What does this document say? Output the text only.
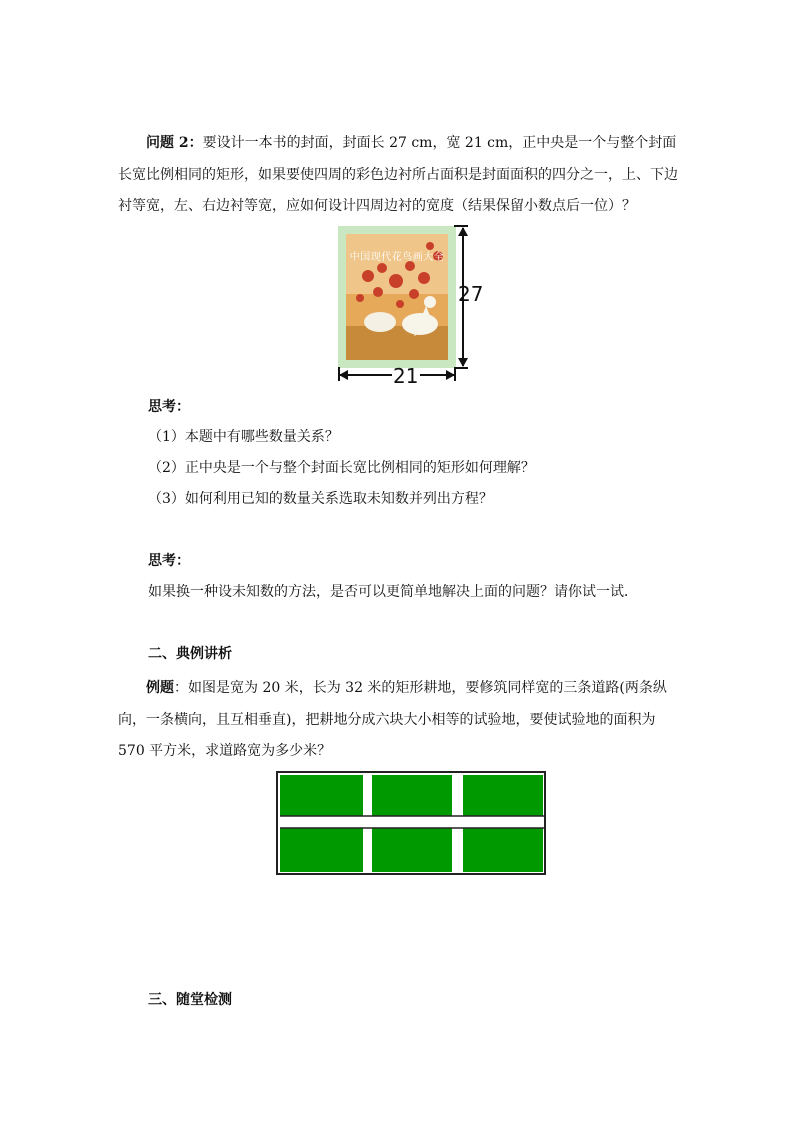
问题 2：要设计一本书的封面，封面长 27 cm，宽 21 cm，正中央是一个与整个封面长宽比例相同的矩形，如果要使四周的彩色边衬所占面积是封面面积的四分之一，上、下边衬等宽，左、右边衬等宽，应如何设计四周边衬的宽度（结果保留小数点后一位）？
中国现代花鸟画大全
27
21
思考：
（1）本题中有哪些数量关系？
（2）正中央是一个与整个封面长宽比例相同的矩形如何理解？
（3）如何利用已知的数量关系选取未知数并列出方程？
思考：
如果换一种设未知数的方法，是否可以更简单地解决上面的问题？请你试一试．
二、典例讲析
例题：如图是宽为 20 米，长为 32 米的矩形耕地，要修筑同样宽的三条道路(两条纵向，一条横向，且互相垂直)，把耕地分成六块大小相等的试验地，要使试验地的面积为 570 平方米，求道路宽为多少米？
三、随堂检测
